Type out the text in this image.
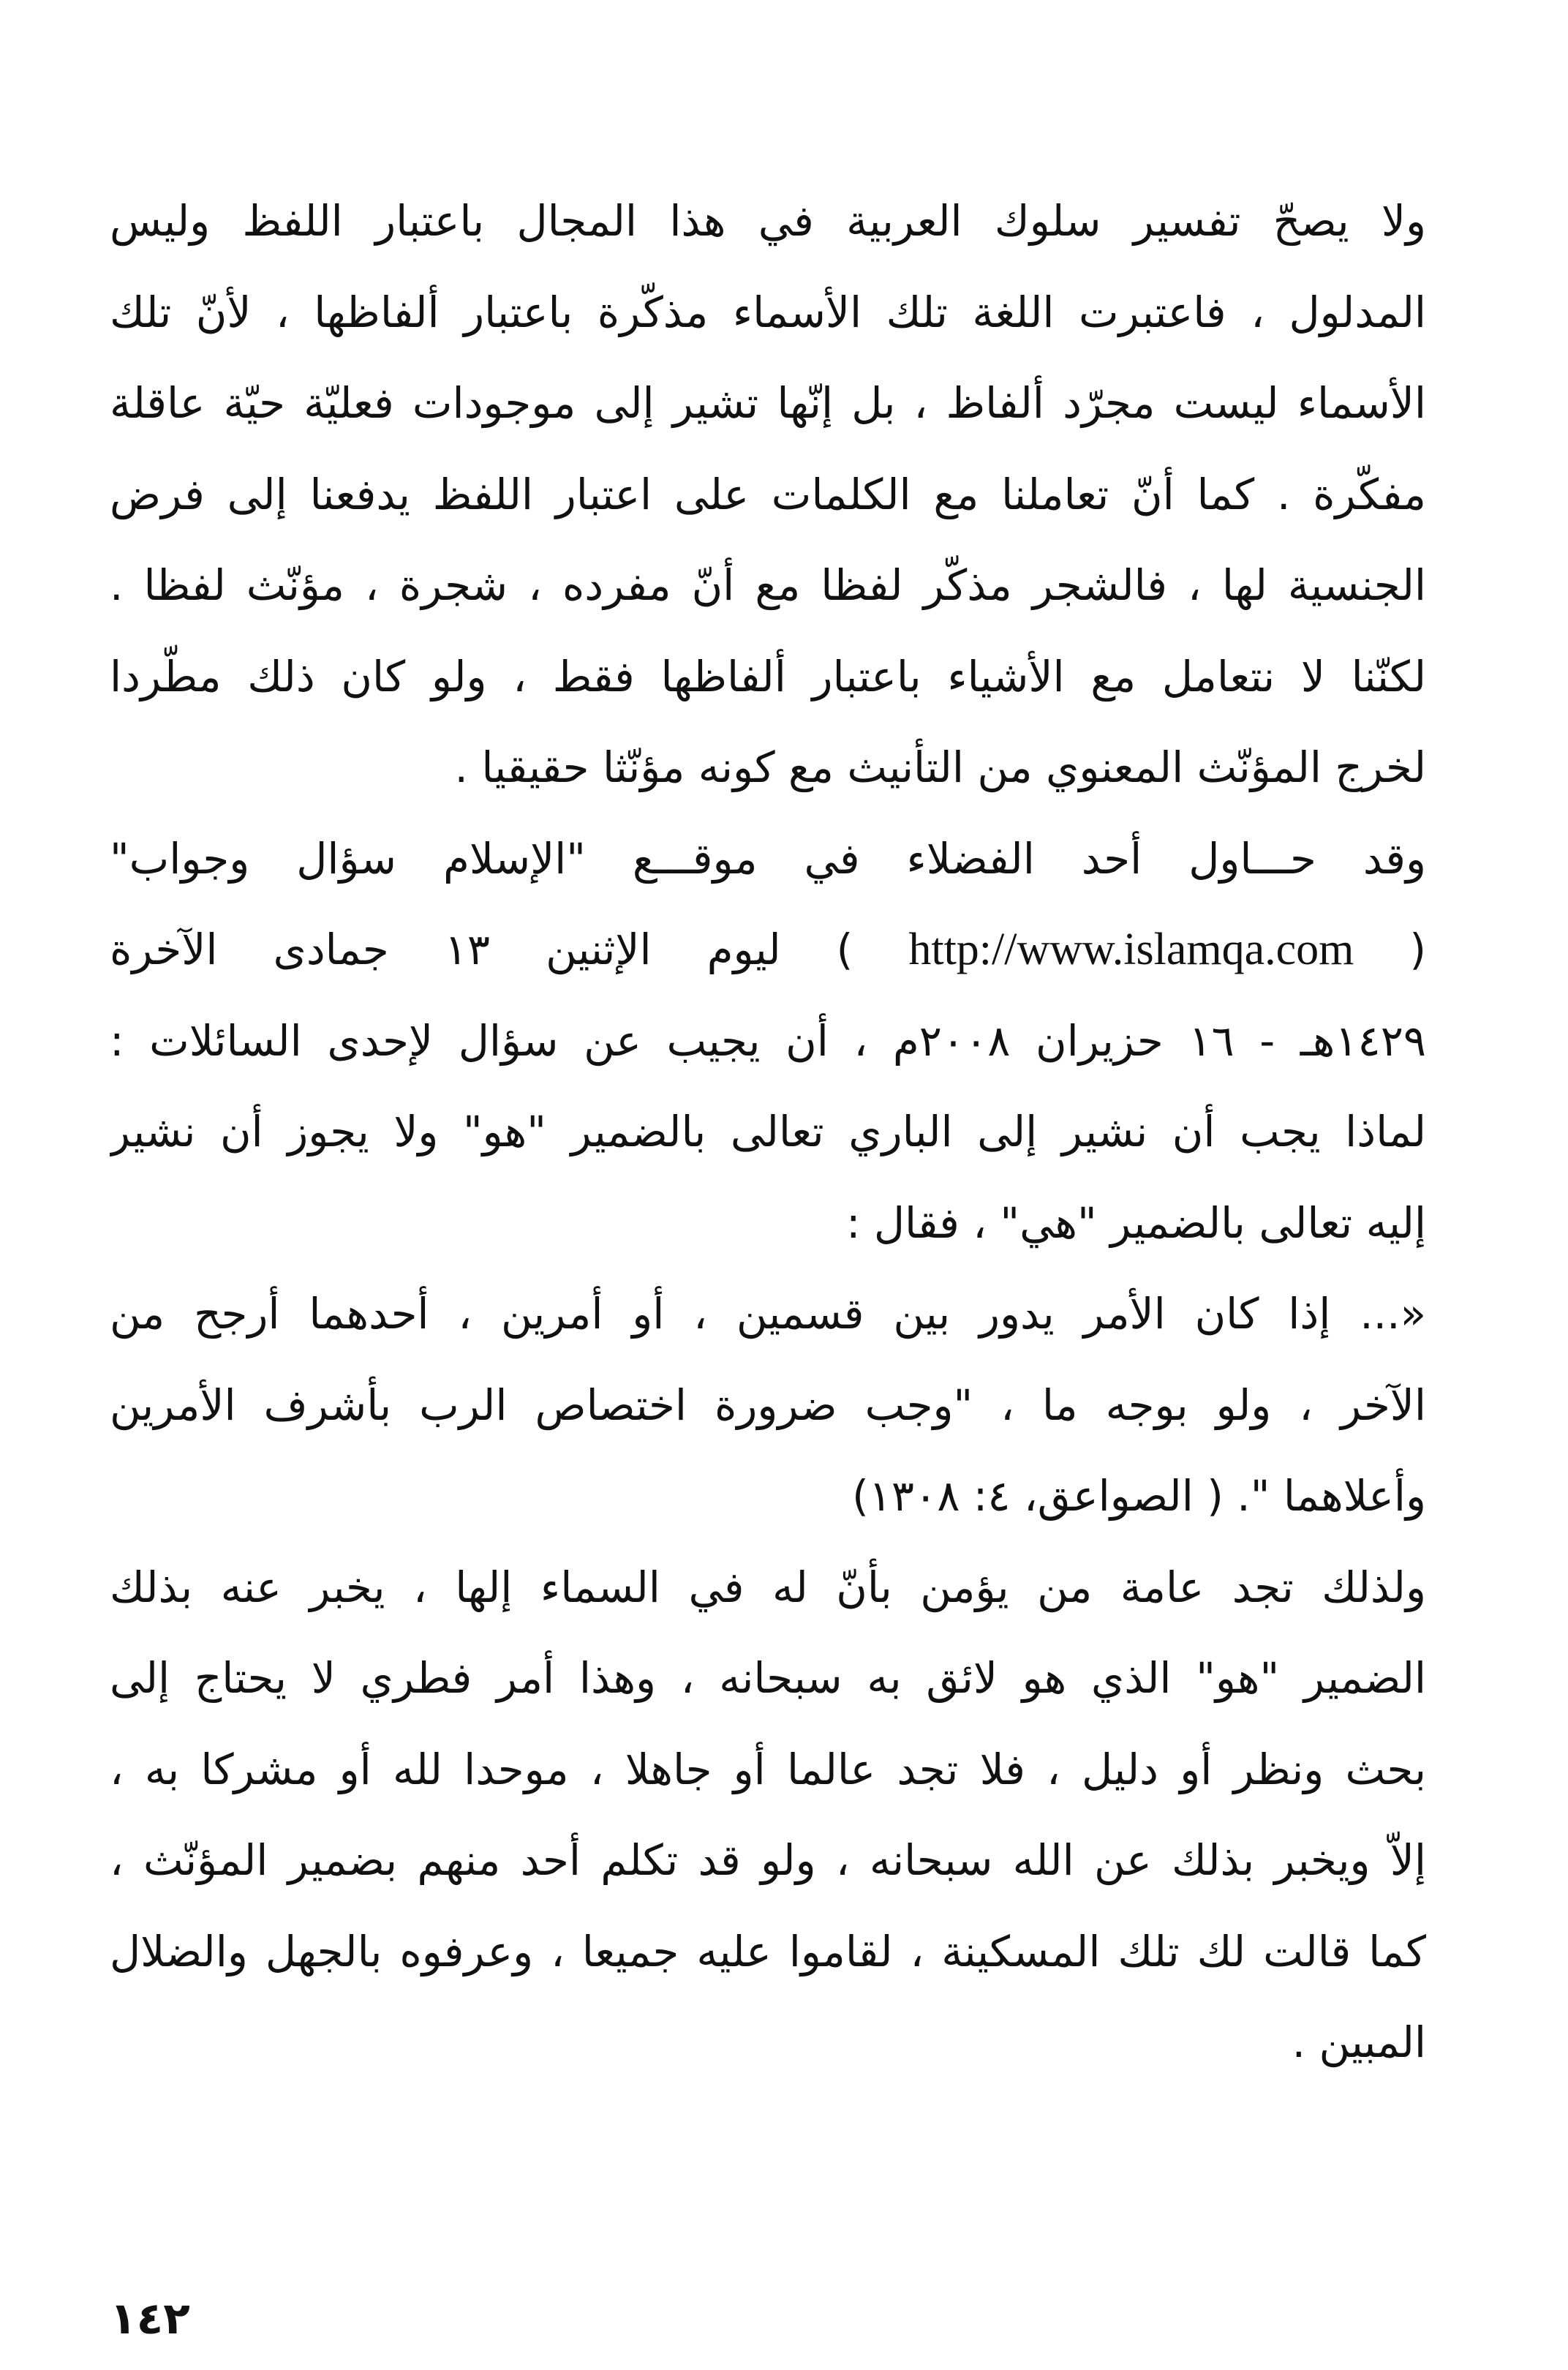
ولا يصحّ تفسير سلوك العربية في هذا المجال باعتبار اللفظ وليس
المدلول ، فاعتبرت اللغة تلك الأسماء مذكّرة باعتبار ألفاظها ، لأنّ تلك
الأسماء ليست مجرّد ألفاظ ، بل إنّها تشير إلى موجودات فعليّة حيّة عاقلة
مفكّرة . كما أنّ تعاملنا مع الكلمات على اعتبار اللفظ يدفعنا إلى فرض
الجنسية لها ، فالشجر مذكّر لفظا مع أنّ مفرده ، شجرة ، مؤنّث لفظا .
لكنّنا لا نتعامل مع الأشياء باعتبار ألفاظها فقط ، ولو كان ذلك مطّردا
لخرج المؤنّث المعنوي من التأنيث مع كونه مؤنّثا حقيقيا .
وقد حـــاول أحد الفضلاء في موقـــع "الإسلام سؤال وجواب"
( http://www.islamqa.com ) ليوم الإثنين ١٣ جمادى الآخرة
١٤٢٩هـ - ١٦ حزيران ٢٠٠٨م ، أن يجيب عن سؤال لإحدى السائلات :
لماذا يجب أن نشير إلى الباري تعالى بالضمير "هو" ولا يجوز أن نشير
إليه تعالى بالضمير "هي" ، فقال :
«... إذا كان الأمر يدور بين قسمين ، أو أمرين ، أحدهما أرجح من
الآخر ، ولو بوجه ما ، "وجب ضرورة اختصاص الرب بأشرف الأمرين
وأعلاهما ". ( الصواعق، ٤: ١٣٠٨)
ولذلك تجد عامة من يؤمن بأنّ له في السماء إلها ، يخبر عنه بذلك
الضمير "هو" الذي هو لائق به سبحانه ، وهذا أمر فطري لا يحتاج إلى
بحث ونظر أو دليل ، فلا تجد عالما أو جاهلا ، موحدا لله أو مشركا به ،
إلاّ ويخبر بذلك عن الله سبحانه ، ولو قد تكلم أحد منهم بضمير المؤنّث ،
كما قالت لك تلك المسكينة ، لقاموا عليه جميعا ، وعرفوه بالجهل والضلال
المبين .
١٤٢
